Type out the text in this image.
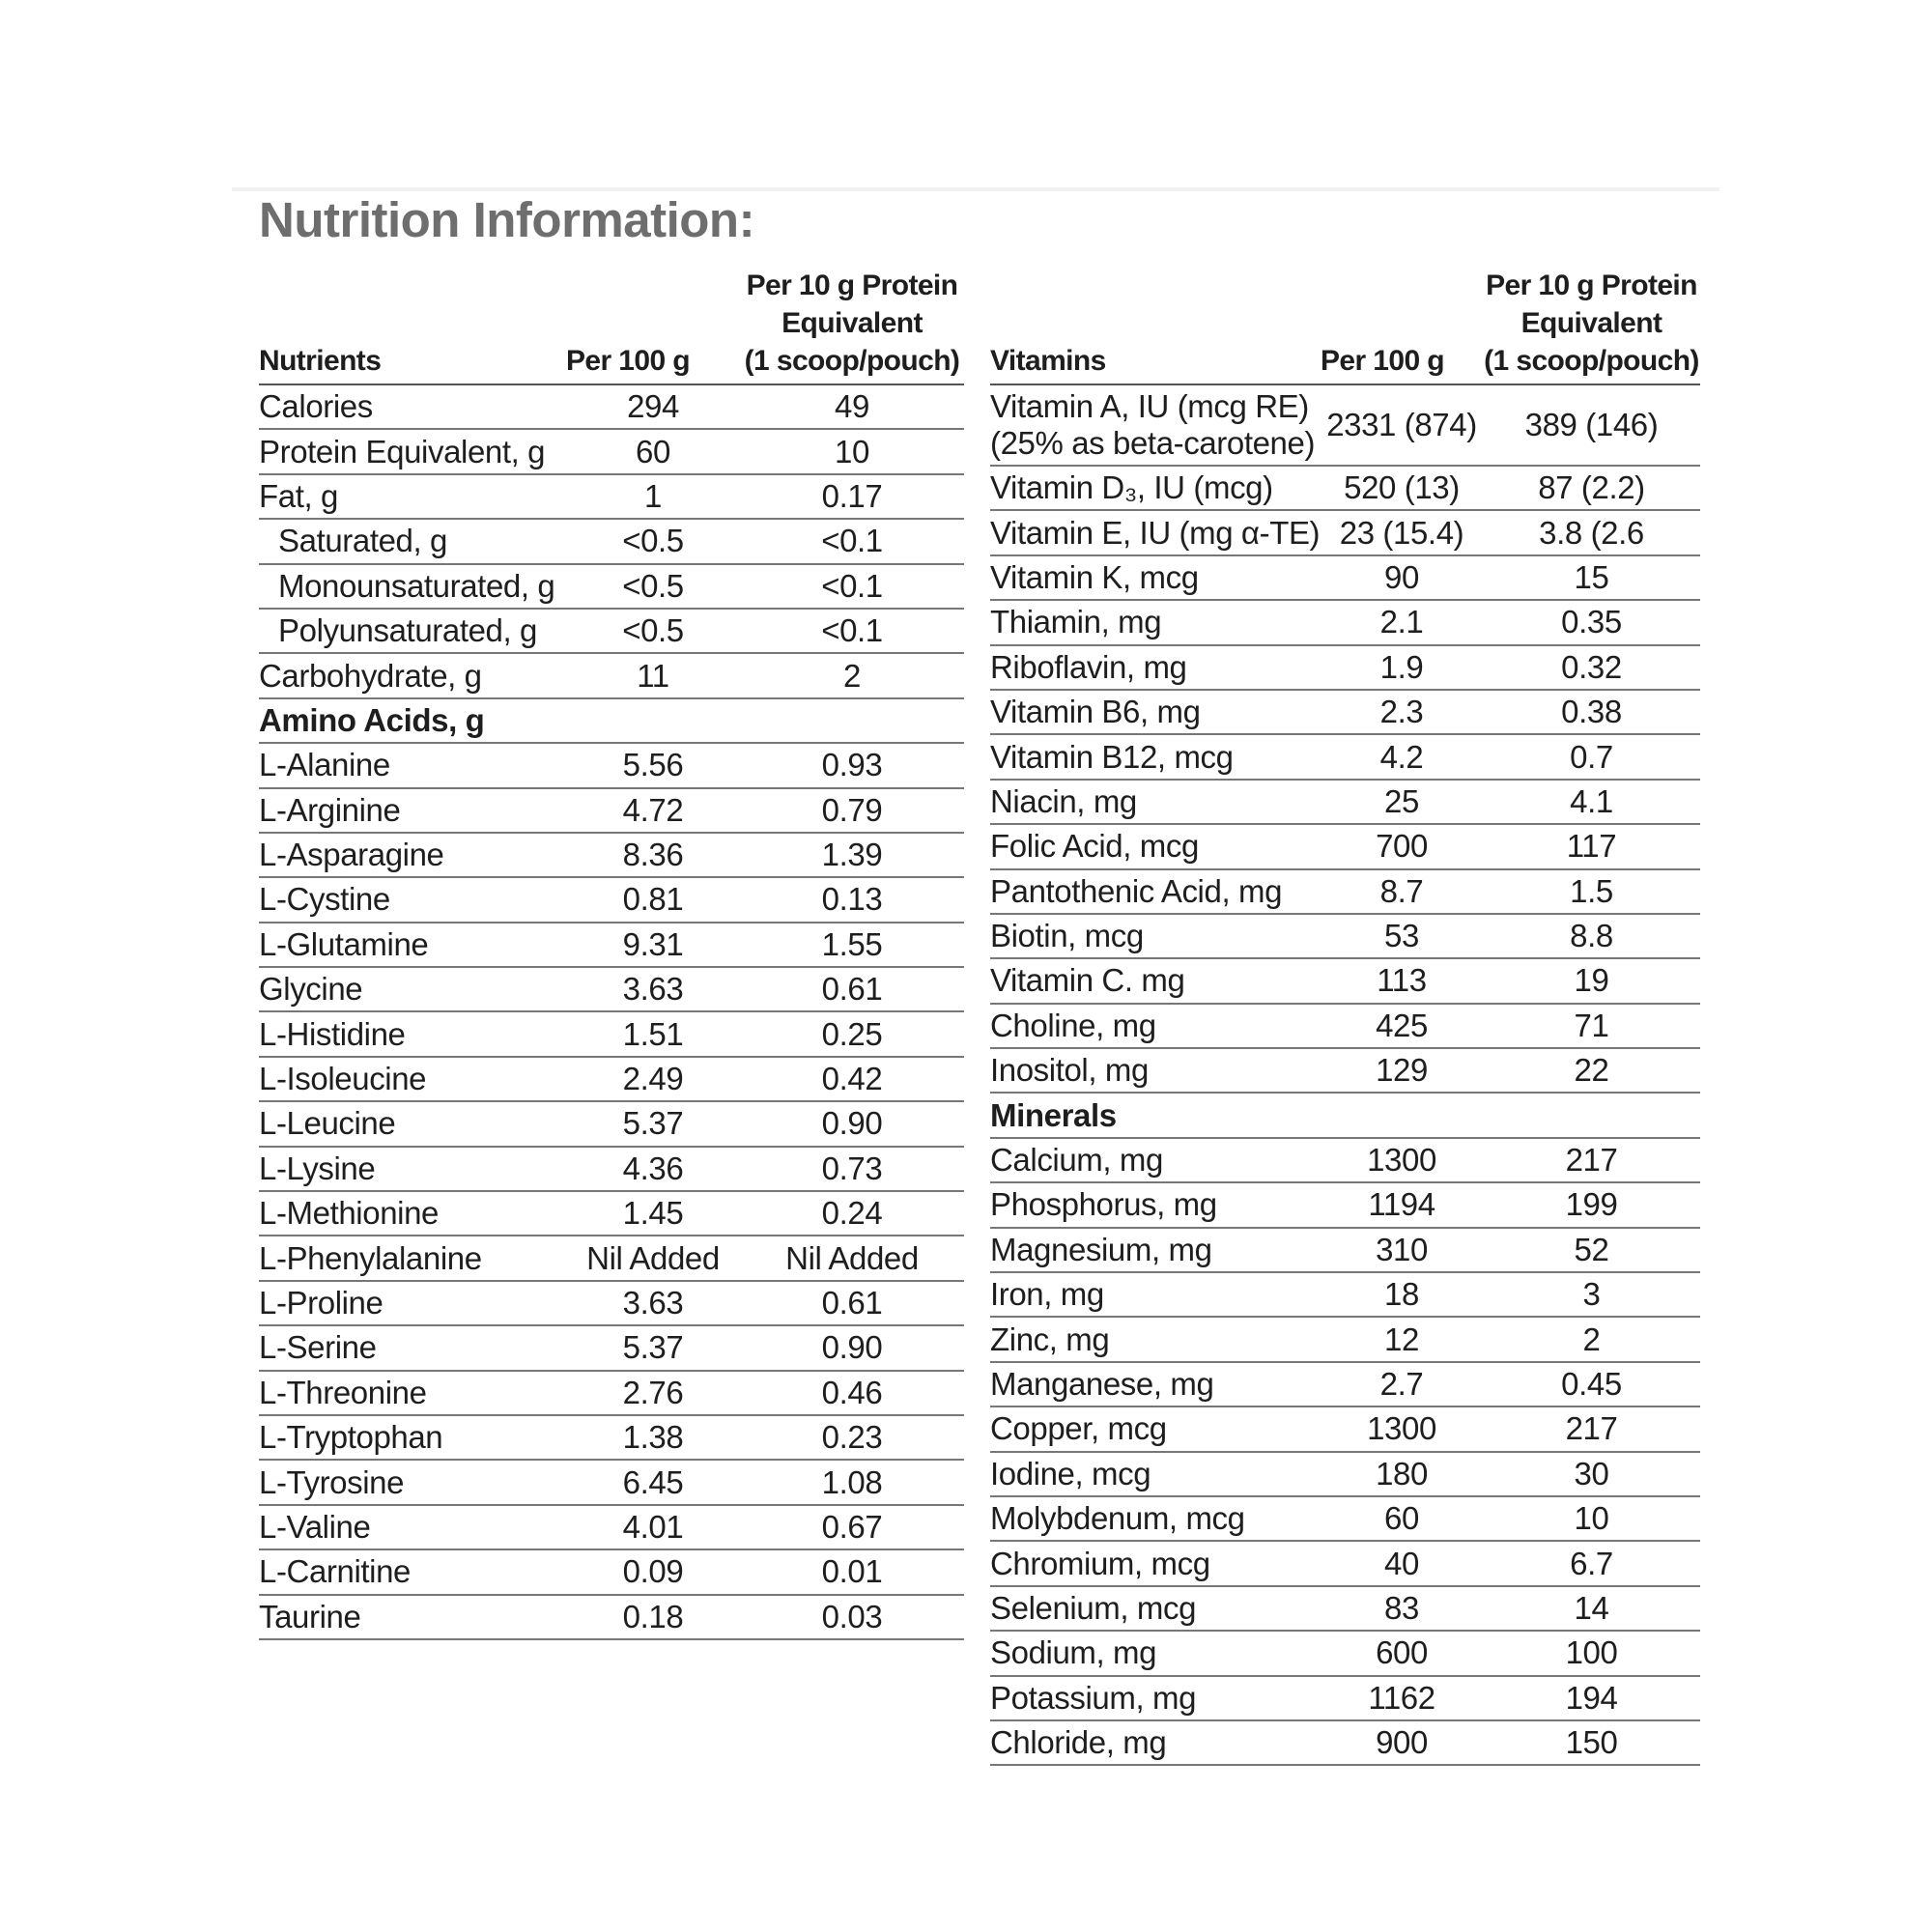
Nutrition Information:
Nutrients	Per 100 g	Per 10 g Protein
Equivalent
(1 scoop/pouch)

Calories	294	49
Protein Equivalent, g	60	10
Fat, g	1	0.17
Saturated, g	<0.5	<0.1
Monounsaturated, g	<0.5	<0.1
Polyunsaturated, g	<0.5	<0.1
Carbohydrate, g	11	2
Amino Acids, g		
L-Alanine	5.56	0.93
L-Arginine	4.72	0.79
L-Asparagine	8.36	1.39
L-Cystine	0.81	0.13
L-Glutamine	9.31	1.55
Glycine	3.63	0.61
L-Histidine	1.51	0.25
L-Isoleucine	2.49	0.42
L-Leucine	5.37	0.90
L-Lysine	4.36	0.73
L-Methionine	1.45	0.24
L-Phenylalanine	Nil Added	Nil Added
L-Proline	3.63	0.61
L-Serine	5.37	0.90
L-Threonine	2.76	0.46
L-Tryptophan	1.38	0.23
L-Tyrosine	6.45	1.08
L-Valine	4.01	0.67
L-Carnitine	0.09	0.01
Taurine	0.18	0.03
Vitamins	Per 100 g	Per 10 g Protein
Equivalent
(1 scoop/pouch)

Vitamin A, IU (mcg RE) (25% as beta-carotene)	2331 (874)	389 (146)
Vitamin D₃, IU (mcg)	520 (13)	87 (2.2)
Vitamin E, IU (mg α-TE)	23 (15.4)	3.8 (2.6
Vitamin K, mcg	90	15
Thiamin, mg	2.1	0.35
Riboflavin, mg	1.9	0.32
Vitamin B6, mg	2.3	0.38
Vitamin B12, mcg	4.2	0.7
Niacin, mg	25	4.1
Folic Acid, mcg	700	117
Pantothenic Acid, mg	8.7	1.5
Biotin, mcg	53	8.8
Vitamin C. mg	113	19
Choline, mg	425	71
Inositol, mg	129	22
Minerals		
Calcium, mg	1300	217
Phosphorus, mg	1194	199
Magnesium, mg	310	52
Iron, mg	18	3
Zinc, mg	12	2
Manganese, mg	2.7	0.45
Copper, mcg	1300	217
Iodine, mcg	180	30
Molybdenum, mcg	60	10
Chromium, mcg	40	6.7
Selenium, mcg	83	14
Sodium, mg	600	100
Potassium, mg	1162	194
Chloride, mg	900	150
